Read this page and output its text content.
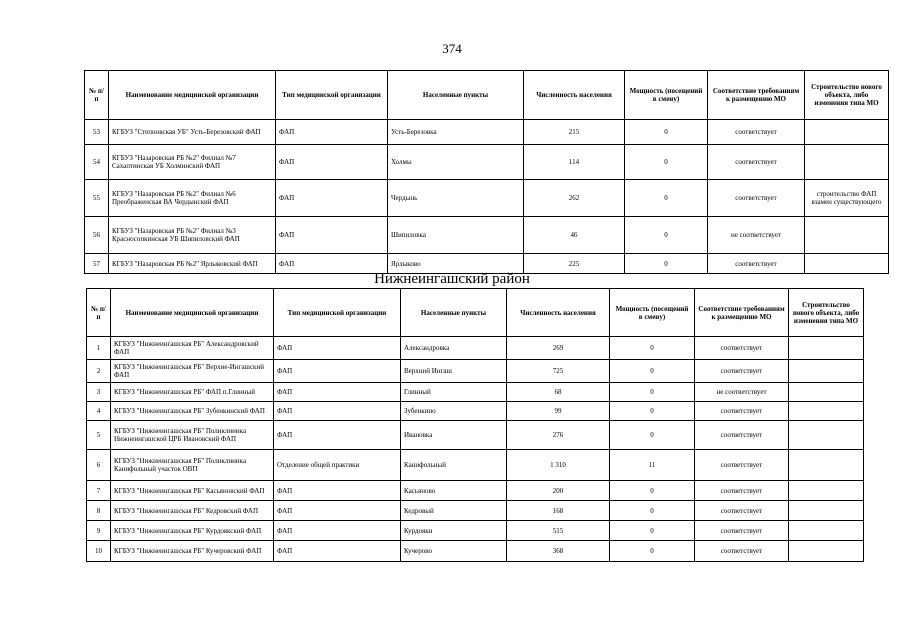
374
№ п/п	Наименование медицинской организации	Тип медицинской организации	Населенные пункты	Численность населения	Мощность (посещений в смену)	Соответствие требованиям к размещению МО	Строительство нового объекта, либо изменения типа МО
53	КГБУЗ "Степновская УБ" Усть-Березовский ФАП	ФАП	Усть-Березовка	215	0	соответствует	
54	КГБУЗ "Назаровская РБ №2" Филиал №7 Сахаптинская УБ Холминский ФАП	ФАП	Холмы	114	0	соответствует	
55	КГБУЗ "Назаровская РБ №2" Филиал №6 Преображенская ВА Чердынский ФАП	ФАП	Чердынь	262	0	соответствует	строительство ФАП взамен существующего
56	КГБУЗ "Назаровская РБ №2" Филиал №3 Красносопкинская УБ Шипиловский ФАП	ФАП	Шипиловка	46	0	не соответствует	
57	КГБУЗ "Назаровская РБ №2" Ярлыковский ФАП	ФАП	Ярлыково	225	0	соответствует	
Нижнеингашский район
№ п/п	Наименование медицинской организации	Тип медицинской организации	Населенные пункты	Численность населения	Мощность (посещений в смену)	Соответствие требованиям к размещению МО	Строительство нового объекта, либо изменения типа МО
1	КГБУЗ "Нижнеингашская РБ" Александровский ФАП	ФАП	Александровка	269	0	соответствует	
2	КГБУЗ "Нижнеингашская РБ" Верхне-Ингашский ФАП	ФАП	Верхний Ингаш	725	0	соответствует	
3	КГБУЗ "Нижнеингашская РБ" ФАП п.Глинный	ФАП	Глинный	68	0	не соответствует	
4	КГБУЗ "Нижнеингашская РБ" Зубенкинский ФАП	ФАП	Зубенкино	99	0	соответствует	
5	КГБУЗ "Нижнеингашская РБ" Поликлиника Нижнеингашской ЦРБ Ивановский ФАП	ФАП	Ивановка	276	0	соответствует	
6	КГБУЗ "Нижнеингашская РБ" Поликлиника Канифольный участок ОВП	Отделение общей практики	Канифольный	1 310	11	соответствует	
7	КГБУЗ "Нижнеингашская РБ" Касьяновский ФАП	ФАП	Касьяново	200	0	соответствует	
8	КГБУЗ "Нижнеингашская РБ" Кедровский ФАП	ФАП	Кедровый	168	0	соответствует	
9	КГБУЗ "Нижнеингашская РБ" Курдоякский ФАП	ФАП	Курдояки	515	0	соответствует	
10	КГБУЗ "Нижнеингашская РБ" Кучеровский ФАП	ФАП	Кучерово	368	0	соответствует	
